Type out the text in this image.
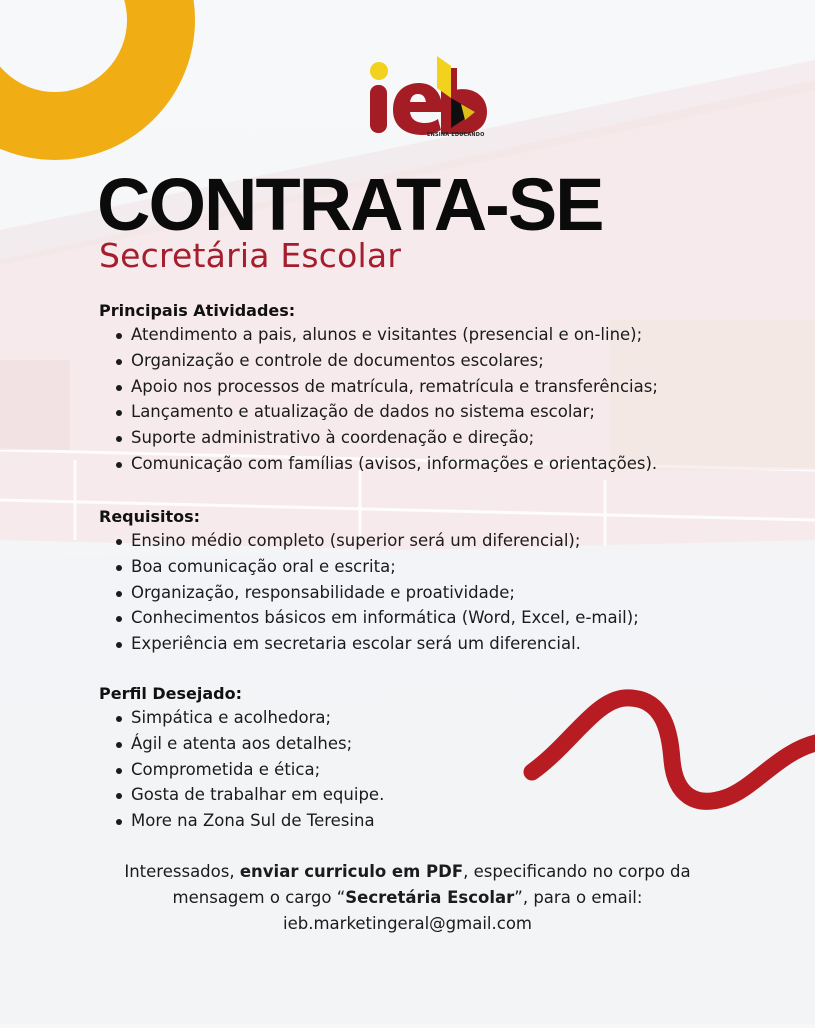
ENSINA EDUCANDO
CONTRATA-SE
Secretária Escolar
Principais Atividades:
Atendimento a pais, alunos e visitantes (presencial e on-line);
Organização e controle de documentos escolares;
Apoio nos processos de matrícula, rematrícula e transferências;
Lançamento e atualização de dados no sistema escolar;
Suporte administrativo à coordenação e direção;
Comunicação com famílias (avisos, informações e orientações).
Requisitos:
Ensino médio completo (superior será um diferencial);
Boa comunicação oral e escrita;
Organização, responsabilidade e proatividade;
Conhecimentos básicos em informática (Word, Excel, e-mail);
Experiência em secretaria escolar será um diferencial.
Perfil Desejado:
Simpática e acolhedora;
Ágil e atenta aos detalhes;
Comprometida e ética;
Gosta de trabalhar em equipe.
More na Zona Sul de Teresina
Interessados, enviar curriculo em PDF, especificando no corpo da
mensagem o cargo “Secretária Escolar”, para o email:
ieb.marketingeral@gmail.com
